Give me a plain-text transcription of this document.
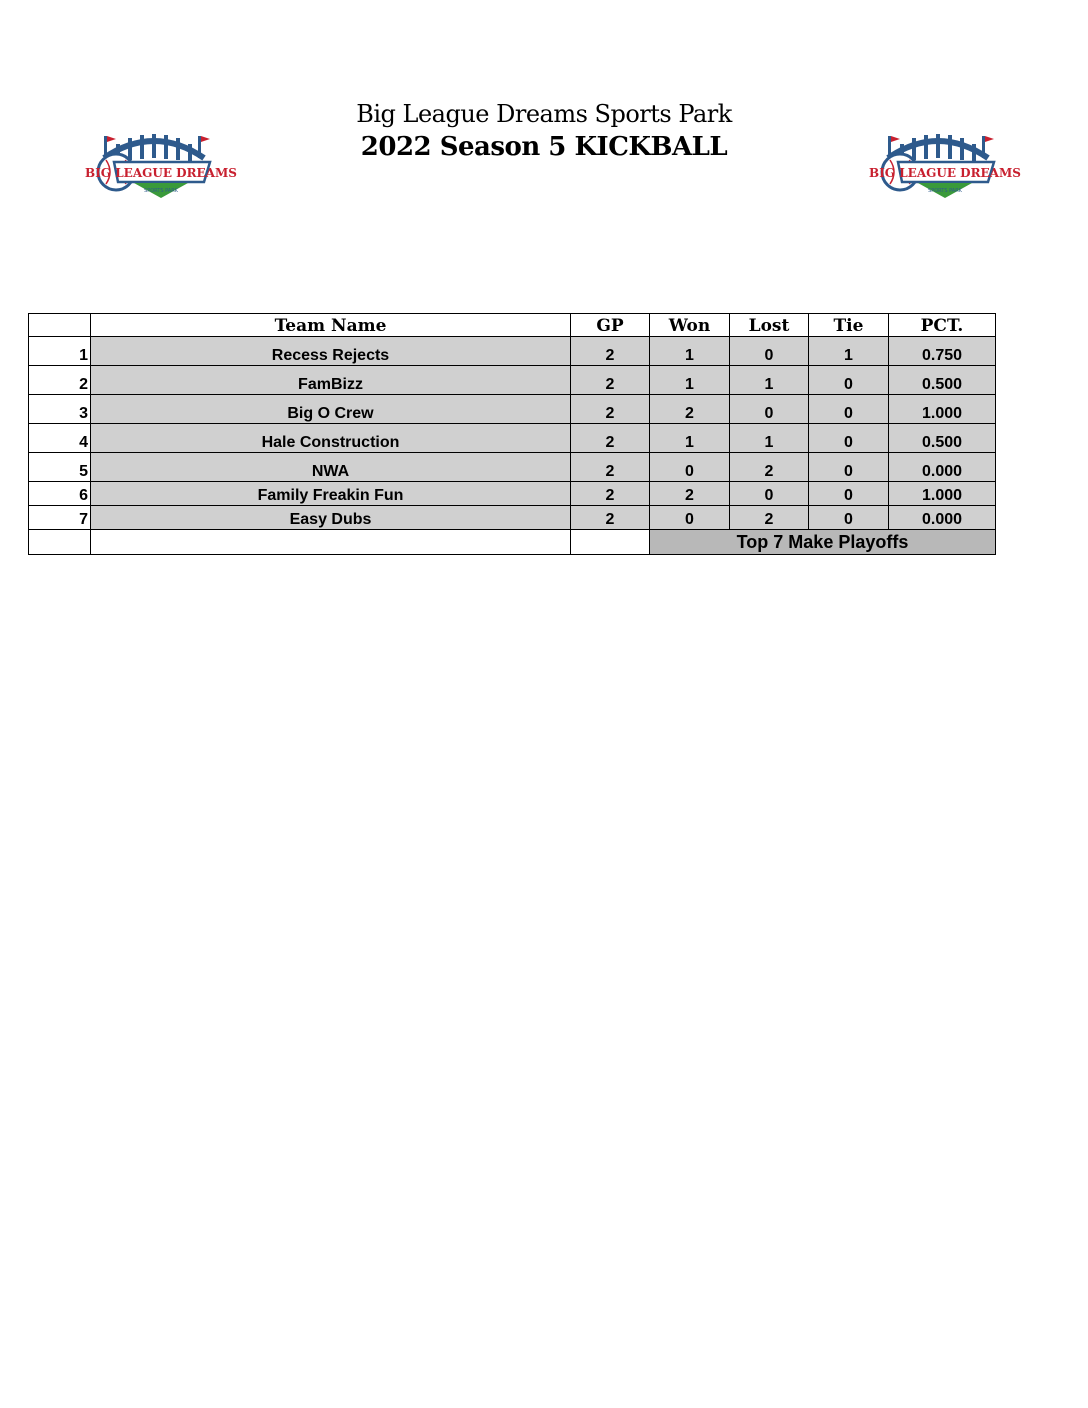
Big League Dreams Sports Park
2022 Season 5 KICKBALL
BIG LEAGUE DREAMS
SPORTS PARK
BIG LEAGUE DREAMS
SPORTS PARK
	Team Name	GP	Won	Lost	Tie	PCT.
1	Recess Rejects	2	1	0	1	0.750
2	FamBizz	2	1	1	0	0.500
3	Big O Crew	2	2	0	0	1.000
4	Hale Construction	2	1	1	0	0.500
5	NWA	2	0	2	0	0.000
6	Family Freakin Fun	2	2	0	0	1.000
7	Easy Dubs	2	0	2	0	0.000
			Top 7 Make Playoffs			
